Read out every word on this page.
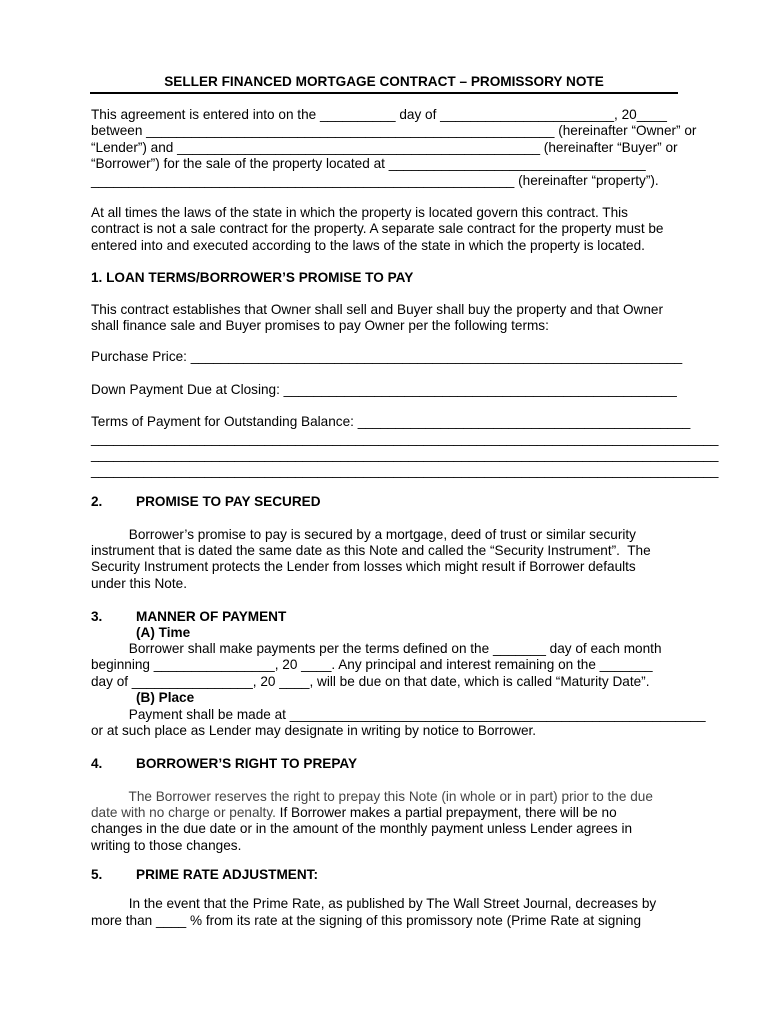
SELLER FINANCED MORTGAGE CONTRACT – PROMISSORY NOTE
This agreement is entered into on the __________ day of _______________________, 20____
between ______________________________________________________ (hereinafter “Owner” or
“Lender”) and ________________________________________________ (hereinafter “Buyer” or
“Borrower”) for the sale of the property located at __________________________________
________________________________________________________ (hereinafter “property”).
At all times the laws of the state in which the property is located govern this contract. This
contract is not a sale contract for the property. A separate sale contract for the property must be
entered into and executed according to the laws of the state in which the property is located.
1. LOAN TERMS/BORROWER’S PROMISE TO PAY
This contract establishes that Owner shall sell and Buyer shall buy the property and that Owner
shall finance sale and Buyer promises to pay Owner per the following terms:
Purchase Price: _________________________________________________________________
Down Payment Due at Closing: ____________________________________________________
Terms of Payment for Outstanding Balance: ____________________________________________
___________________________________________________________________________________
___________________________________________________________________________________
___________________________________________________________________________________
2. PROMISE TO PAY SECURED
Borrower’s promise to pay is secured by a mortgage, deed of trust or similar security
instrument that is dated the same date as this Note and called the “Security Instrument”.  The
Security Instrument protects the Lender from losses which might result if Borrower defaults
under this Note.
3. MANNER OF PAYMENT
(A) Time
Borrower shall make payments per the terms defined on the _______ day of each month
beginning ________________, 20 ____. Any principal and interest remaining on the _______
day of ________________, 20 ____, will be due on that date, which is called “Maturity Date”.
(B) Place
Payment shall be made at _______________________________________________________
or at such place as Lender may designate in writing by notice to Borrower.
4. BORROWER’S RIGHT TO PREPAY
The Borrower reserves the right to prepay this Note (in whole or in part) prior to the due
date with no charge or penalty. If Borrower makes a partial prepayment, there will be no
changes in the due date or in the amount of the monthly payment unless Lender agrees in
writing to those changes.
5. PRIME RATE ADJUSTMENT:
In the event that the Prime Rate, as published by The Wall Street Journal, decreases by
more than ____ % from its rate at the signing of this promissory note (Prime Rate at signing
